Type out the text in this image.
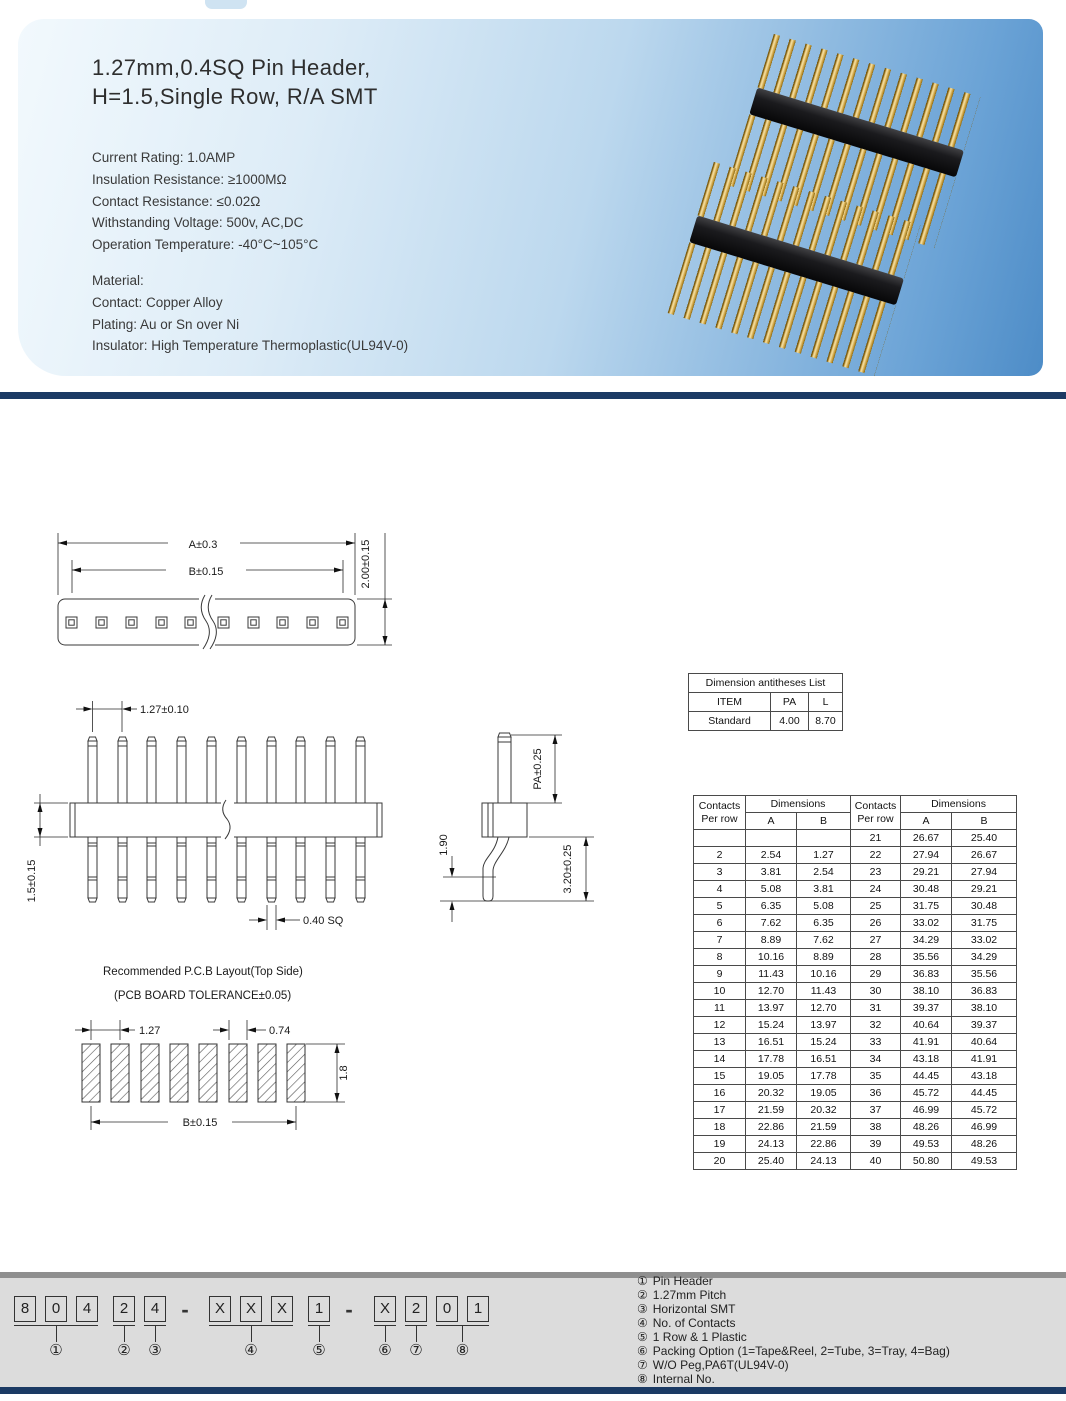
1.27mm,0.4SQ Pin Header,
H=1.5,Single Row, R/A SMT
Current Rating: 1.0AMP
Insulation Resistance: ≥1000MΩ
Contact Resistance: ≤0.02Ω
Withstanding Voltage: 500v, AC,DC
Operation Temperature: -40°C~105°C
Material:
Contact: Copper Alloy
Plating: Au or Sn over Ni
Insulator: High Temperature Thermoplastic(UL94V-0)
A±0.3
B±0.15	2.00±0.15
1.27±0.10
1.5±0.15
0.40 SQ
PA±0.25
1.90	3.20±0.25
Dimension antitheses List		
ITEM	PA	L
Standard	4.00	8.70
Contacts
Per row
	Dimensions	Contacts
Per row
	Dimensions
	A	B		A	B
			21	26.67	25.40
2	2.54	1.27	22	27.94	26.67
3	3.81	2.54	23	29.21	27.94
4	5.08	3.81	24	30.48	29.21
5	6.35	5.08	25	31.75	30.48
6	7.62	6.35	26	33.02	31.75
7	8.89	7.62	27	34.29	33.02
8	10.16	8.89	28	35.56	34.29
9	11.43	10.16	29	36.83	35.56
10	12.70	11.43	30	38.10	36.83
11	13.97	12.70	31	39.37	38.10
12	15.24	13.97	32	40.64	39.37
13	16.51	15.24	33	41.91	40.64
14	17.78	16.51	34	43.18	41.91
15	19.05	17.78	35	44.45	43.18
16	20.32	19.05	36	45.72	44.45
17	21.59	20.32	37	46.99	45.72
18	22.86	21.59	38	48.26	46.99
19	24.13	22.86	39	49.53	48.26
20	25.40	24.13	40	50.80	49.53
Recommended P.C.B Layout(Top Side)
(PCB BOARD TOLERANCE±0.05)
1.27	0.74
1.8
B±0.15
8	0	4
①
2
②
4
③
-	X	X	X
④
1
⑤
-	X
⑥
2
⑦
0	1
⑧
① Pin Header
② 1.27mm Pitch
③ Horizontal SMT
④ No. of Contacts
⑤ 1 Row & 1 Plastic
⑥ Packing Option (1=Tape&Reel, 2=Tube, 3=Tray, 4=Bag)
⑦ W/O Peg,PA6T(UL94V-0)
⑧ Internal No.
